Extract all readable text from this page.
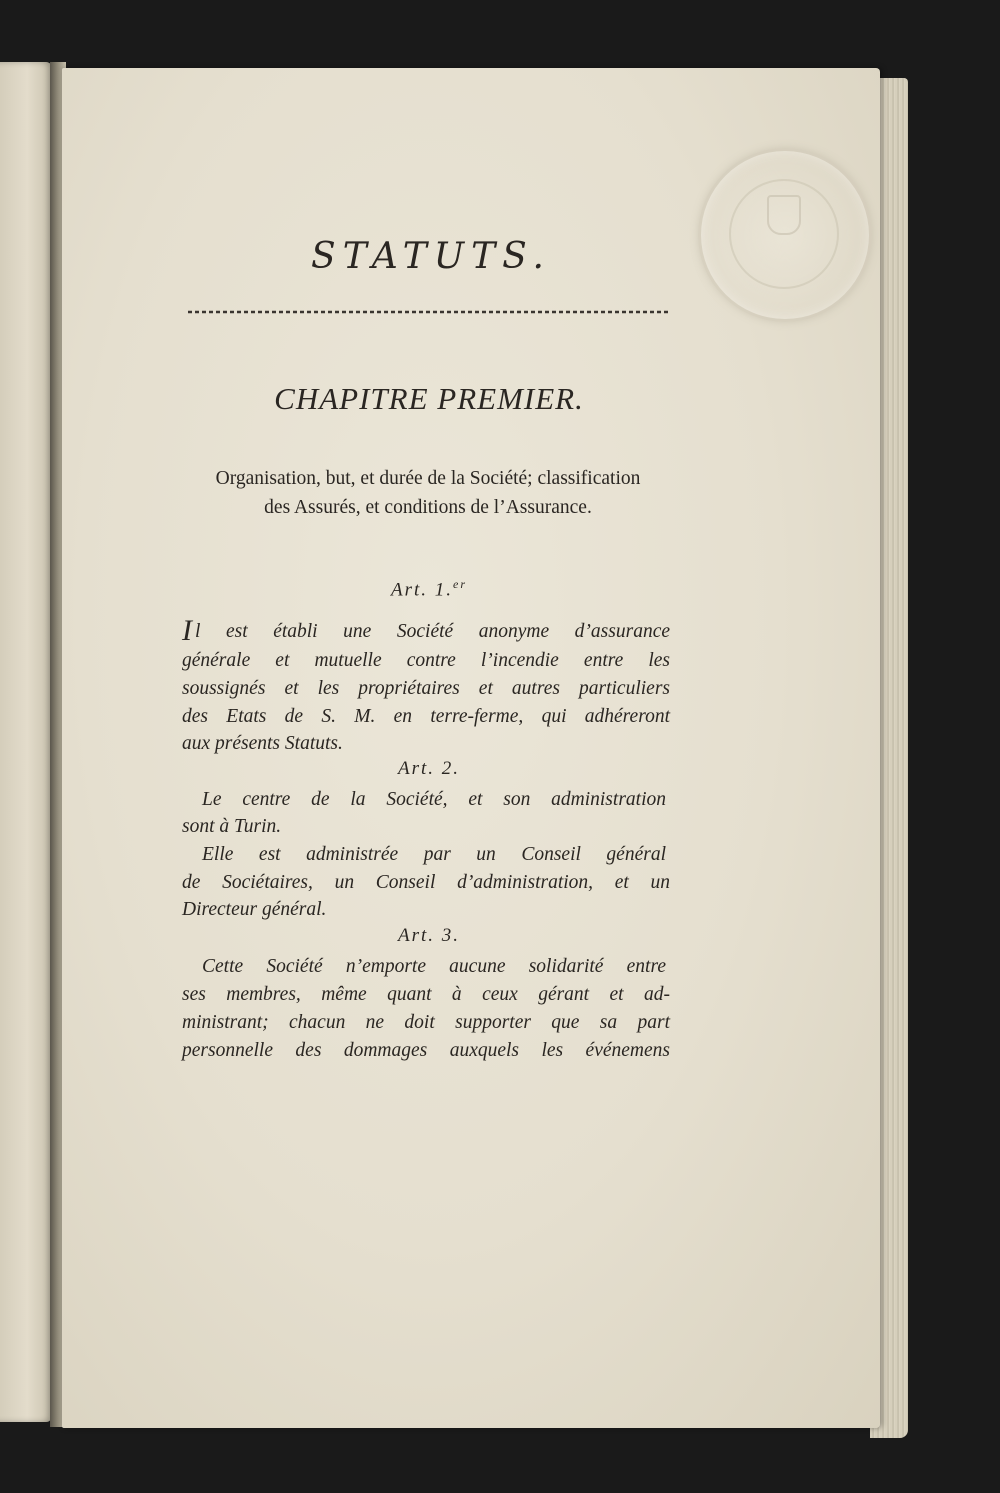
STATUTS.
CHAPITRE PREMIER.
Organisation, but, et durée de la Société; classification
des Assurés, et conditions de l’Assurance.
Art. 1.$^{er}$
Il est établi une Société anonyme d’assurance
générale et mutuelle contre l’incendie entre les
soussignés et les propriétaires et autres particuliers
des Etats de S. M. en terre-ferme, qui adhéreront
aux présents Statuts.
Art. 2.
Le centre de la Société, et son administration
sont à Turin.
Elle est administrée par un Conseil général
de Sociétaires, un Conseil d’administration, et un
Directeur général.
Art. 3.
Cette Société n’emporte aucune solidarité entre
ses membres, même quant à ceux gérant et ad-
ministrant; chacun ne doit supporter que sa part
personnelle des dommages auxquels les événemens
